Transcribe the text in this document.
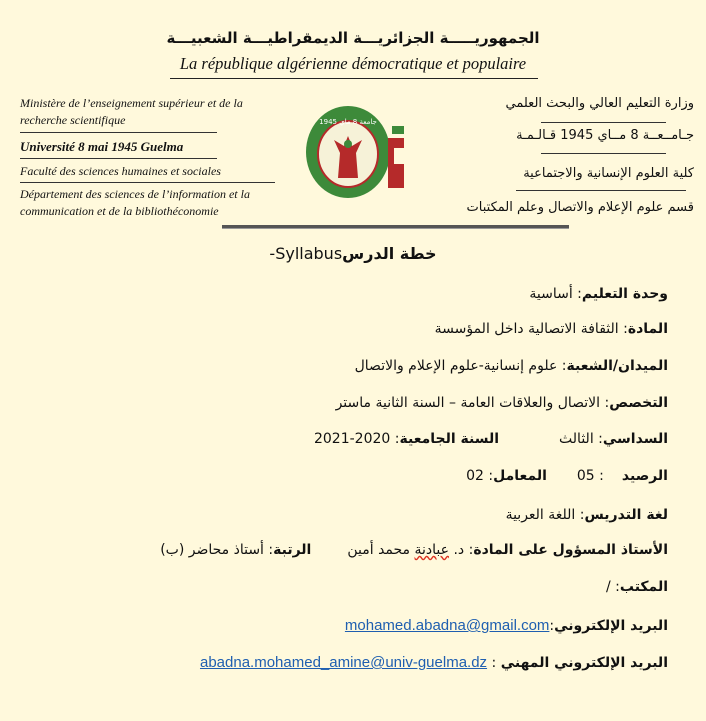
الجمهوريـــــة الجزائريـــة الديمقراطيـــة الشعبيـــة
La république algérienne démocratique et populaire
Ministère de l’enseignement supérieur et de la recherche scientifique
Université 8 mai 1945 Guelma
Faculté des sciences humaines et sociales
Département des sciences de l’information et la communication et de la bibliothéconomie
جامعة 8 ماي 1945
وزارة التعليم العالي والبحث العلمي
جـامــعــة 8 مــاي 1945 قـالـمـة
كلية العلوم الإنسانية والاجتماعية
قسم علوم الإعلام والاتصال وعلم المكتبات
-Syllabusخطة الدرس
وحدة التعليم: أساسية
المادة: الثقافة الاتصالية داخل المؤسسة
الميدان/الشعبة: علوم إنسانية-علوم الإعلام والاتصال
التخصص: الاتصال والعلاقات العامة – السنة الثانية ماستر
السداسي: الثالثالسنة الجامعية: 2020-2021
الرصيد: 05المعامل: 02
لغة التدريس: اللغة العربية
الأستاذ المسؤول على المادة: د. عبادنة محمد أمينالرتبة: أستاذ محاضر (ب)
المكتب: /
البريد الإلكتروني:mohamed.abadna@gmail.com
البريد الإلكتروني المهني : abadna.mohamed_amine@univ-guelma.dz
